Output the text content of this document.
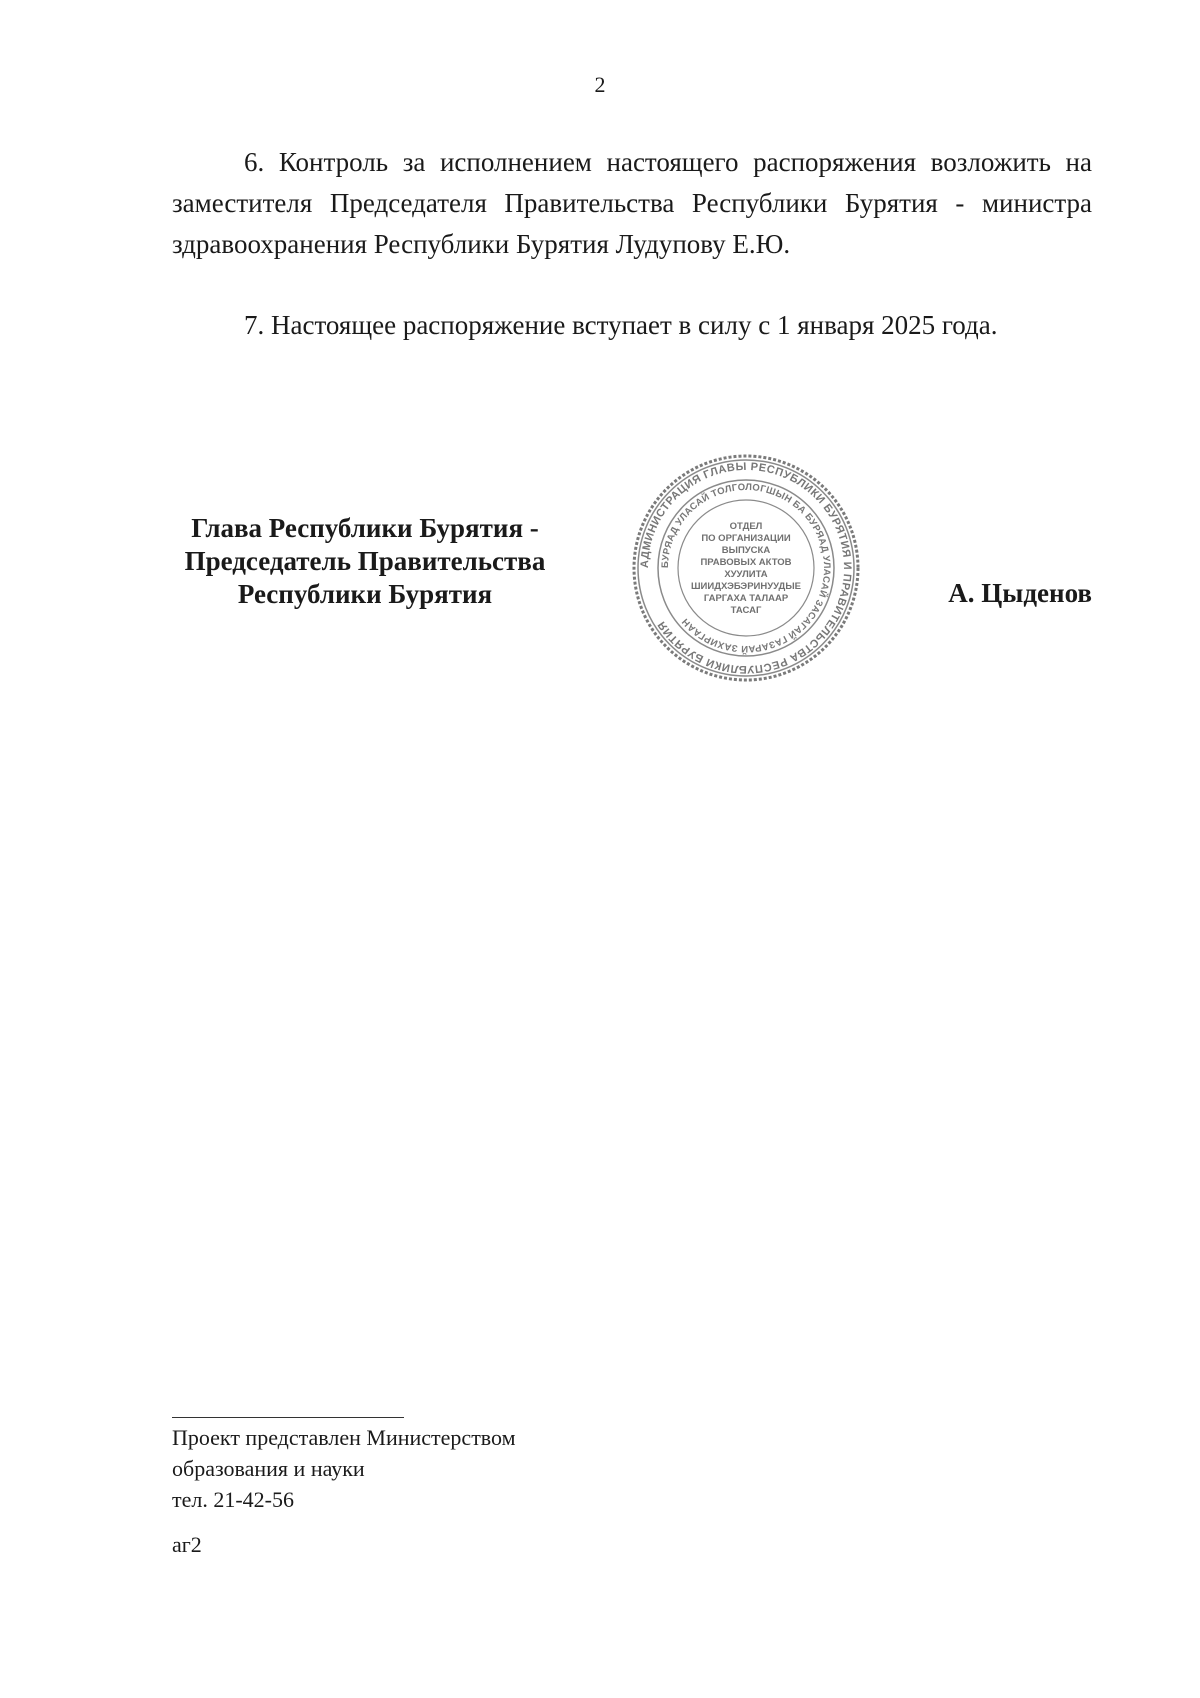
2

6. Контроль за исполнением настоящего распоряжения возложить на заместителя Председателя Правительства Республики Бурятия - министра здравоохранения Республики Бурятия Лудупову Е.Ю.

7. Настоящее распоряжение вступает в силу с 1 января 2025 года.

Глава Республики Бурятия -
Председатель Правительства
Республики Бурятия
АДМИНИСТРАЦИЯ ГЛАВЫ РЕСПУБЛИКИ БУРЯТИЯ И ПРАВИТЕЛЬСТВА РЕСПУБЛИКИ БУРЯТИЯ
БУРЯАД УЛАСАЙ ТОЛГОЛОГШЫН БА БУРЯАД УЛАСАЙ ЗАСАГАЙ ГАЗАРАЙ ЗАХИРГААН
ОТДЕЛ
ПО ОРГАНИЗАЦИИ
ВЫПУСКА
ПРАВОВЫХ АКТОВ
ХУУЛИТА
ШИИДХЭБЭРИНУУДЫЕ
ГАРГАХА ТАЛААР
ТАСАГ
А. Цыденов
Проект представлен Министерством
образования и науки
тел. 21-42-56
аг2
